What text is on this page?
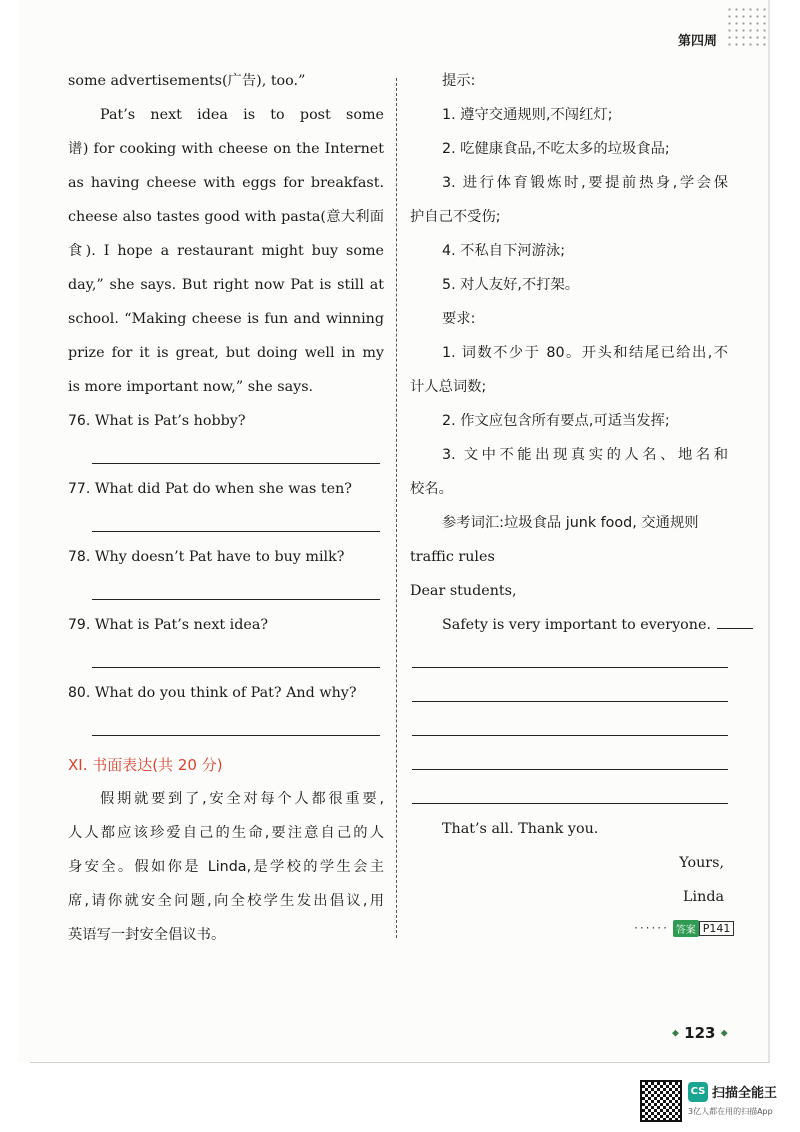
第四周
some advertisements(广告), too.”
Pat’s next idea is to post some
谱) for cooking with cheese on the Internet
as having cheese with eggs for breakfast.
cheese also tastes good with pasta(意大利面
食). I hope a restaurant might buy some
day,” she says. But right now Pat is still at
school. “Making cheese is fun and winning
prize for it is great, but doing well in my
is more important now,” she says.
76. What is Pat’s hobby?
77. What did Pat do when she was ten?
78. Why doesn’t Pat have to buy milk?
79. What is Pat’s next idea?
80. What do you think of Pat? And why?
XI. 书面表达(共 20 分)
假期就要到了,安全对每个人都很重要,
人人都应该珍爱自己的生命,要注意自己的人
身安全。假如你是 Linda,是学校的学生会主
席,请你就安全问题,向全校学生发出倡议,用
英语写一封安全倡议书。
提示:
1. 遵守交通规则,不闯红灯;
2. 吃健康食品,不吃太多的垃圾食品;
3. 进行体育锻炼时,要提前热身,学会保
护自己不受伤;
4. 不私自下河游泳;
5. 对人友好,不打架。
要求:
1. 词数不少于 80。开头和结尾已给出,不
计人总词数;
2. 作文应包含所有要点,可适当发挥;
3. 文中不能出现真实的人名、地名和
校名。
参考词汇:垃圾食品 junk food, 交通规则
traffic rules
Dear students,
Safety is very important to everyone.
That’s all. Thank you.
Yours,
Linda
······ 答案 P141
◆ 123 ◆
CS 扫描全能王
3亿人都在用的扫描App
